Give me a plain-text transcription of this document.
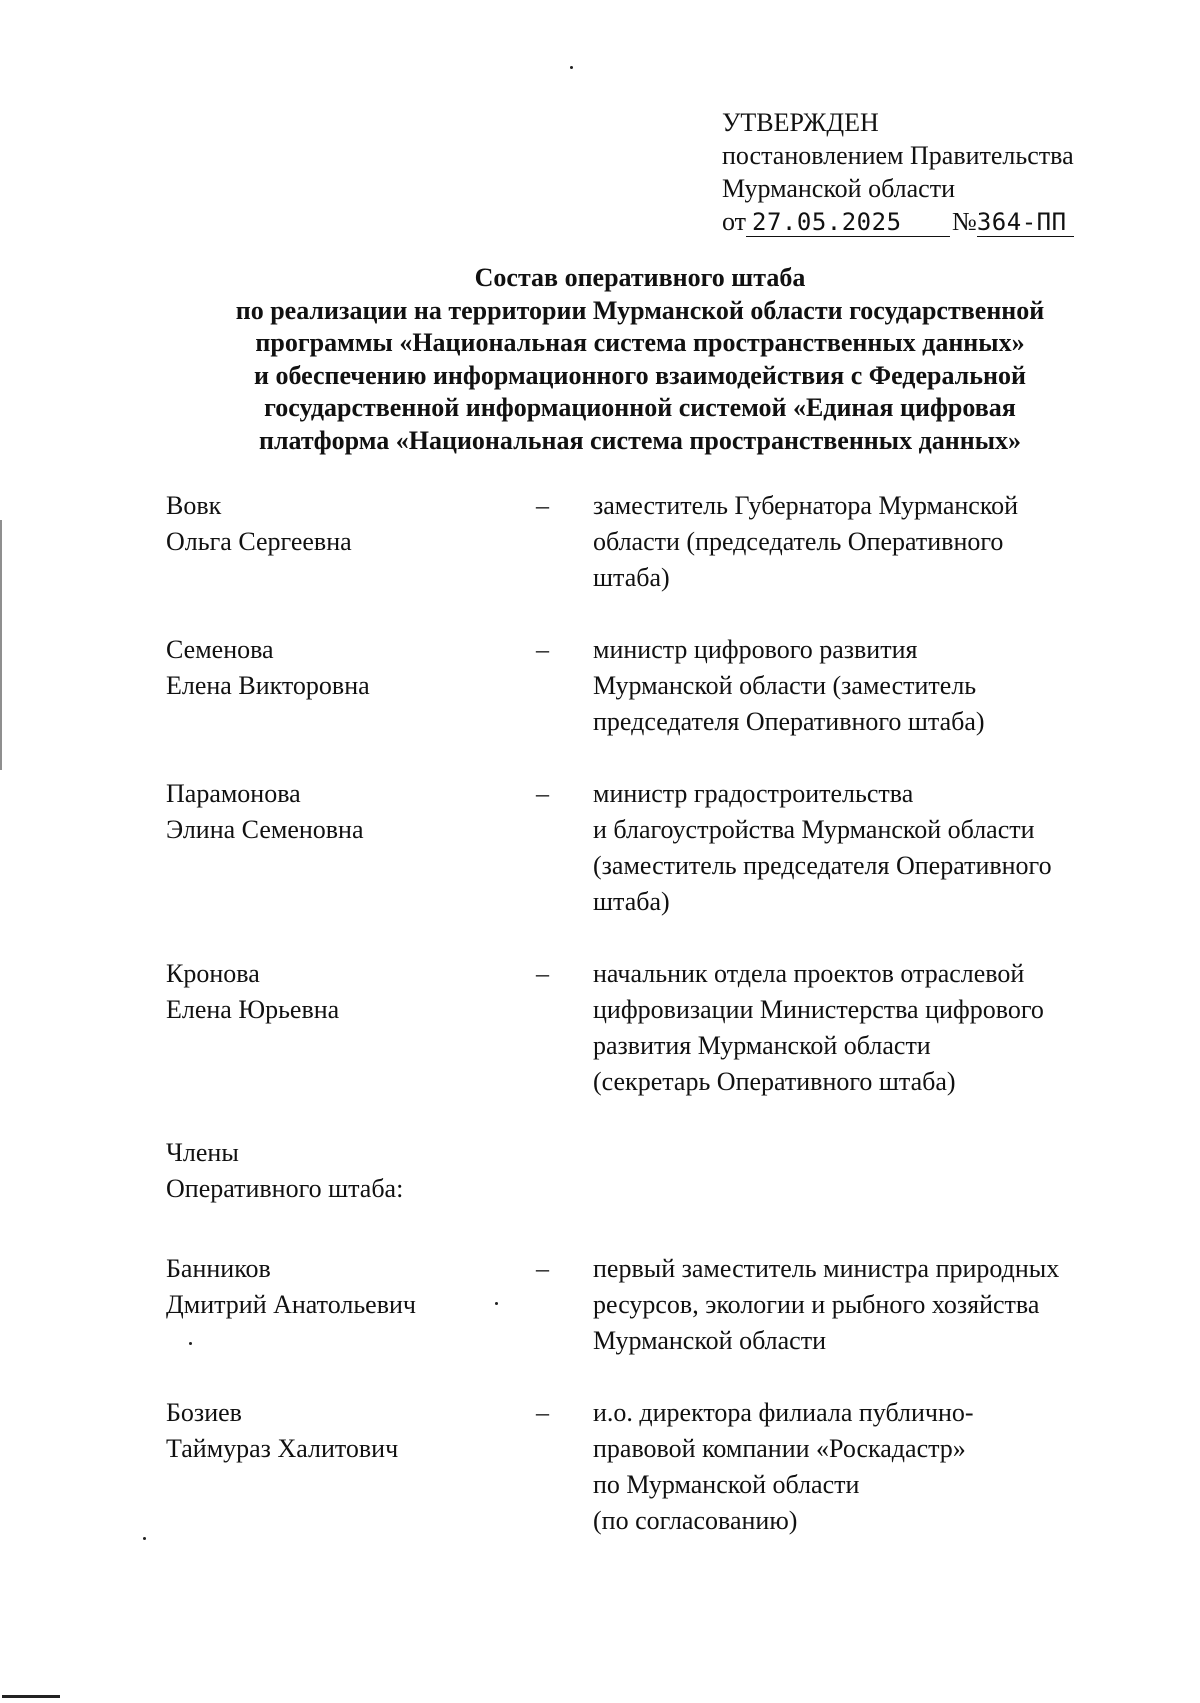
УТВЕРЖДЕН
постановлением Правительства
Мурманской области
от 27.05.2025 №364-ПП
Состав оперативного штаба
по реализации на территории Мурманской области государственной
программы «Национальная система пространственных данных»
и обеспечению информационного взаимодействия с Федеральной
государственной информационной системой «Единая цифровая
платформа «Национальная система пространственных данных»
Вовк
Ольга Сергеевна
– заместитель Губернатора Мурманской
области (председатель Оперативного
штаба)
Семенова
Елена Викторовна
– министр цифрового развития
Мурманской области (заместитель
председателя Оперативного штаба)
Парамонова
Элина Семеновна
– министр градостроительства
и благоустройства Мурманской области
(заместитель председателя Оперативного
штаба)
Кронова
Елена Юрьевна
– начальник отдела проектов отраслевой
цифровизации Министерства цифрового
развития Мурманской области
(секретарь Оперативного штаба)
Члены
Оперативного штаба:
Банников
Дмитрий Анатольевич
– первый заместитель министра природных
ресурсов, экологии и рыбного хозяйства
Мурманской области
Бозиев
Таймураз Халитович
– и.о. директора филиала публично-
правовой компании «Роскадастр»
по Мурманской области
(по согласованию)
